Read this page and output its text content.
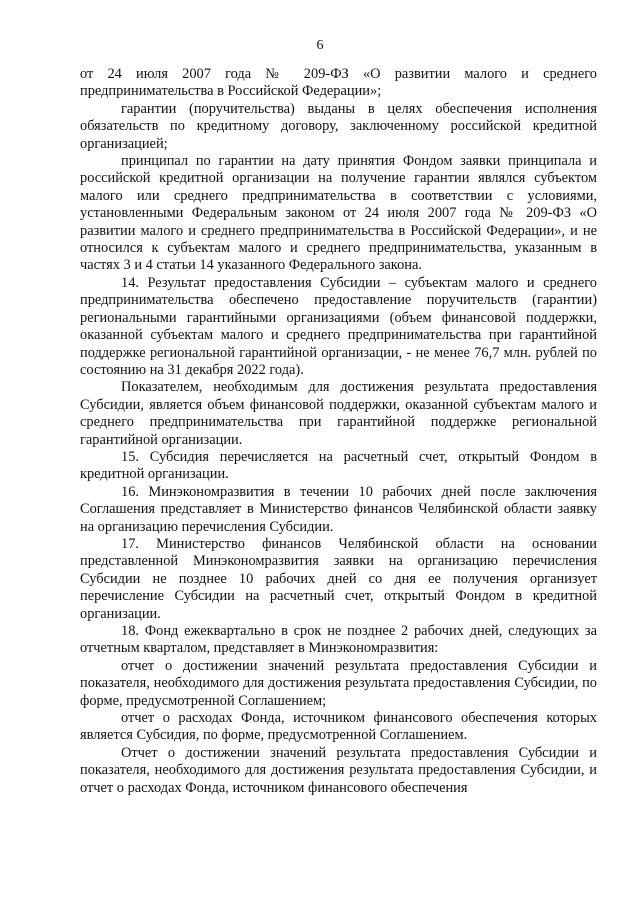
6

от 24 июля 2007 года № 209-ФЗ «О развитии малого и среднего предпринимательства в Российской Федерации»;

гарантии (поручительства) выданы в целях обеспечения исполнения обязательств по кредитному договору, заключенному российской кредитной организацией;

принципал по гарантии на дату принятия Фондом заявки принципала и российской кредитной организации на получение гарантии являлся субъектом малого или среднего предпринимательства в соответствии с условиями, установленными Федеральным законом от 24 июля 2007 года № 209-ФЗ «О развитии малого и среднего предпринимательства в Российской Федерации», и не относился к субъектам малого и среднего предпринимательства, указанным в частях 3 и 4 статьи 14 указанного Федерального закона.

14. Результат предоставления Субсидии – субъектам малого и среднего предпринимательства обеспечено предоставление поручительств (гарантии) региональными гарантийными организациями (объем финансовой поддержки, оказанной субъектам малого и среднего предпринимательства при гарантийной поддержке региональной гарантийной организации, - не менее 76,7 млн. рублей по состоянию на 31 декабря 2022 года).

Показателем, необходимым для достижения результата предоставления Субсидии, является объем финансовой поддержки, оказанной субъектам малого и среднего предпринимательства при гарантийной поддержке региональной гарантийной организации.

15. Субсидия перечисляется на расчетный счет, открытый Фондом в кредитной организации.

16. Минэкономразвития в течении 10 рабочих дней после заключения Соглашения представляет в Министерство финансов Челябинской области заявку на организацию перечисления Субсидии.

17. Министерство финансов Челябинской области на основании представленной Минэкономразвития заявки на организацию перечисления Субсидии не позднее 10 рабочих дней со дня ее получения организует перечисление Субсидии на расчетный счет, открытый Фондом в кредитной организации.

18. Фонд ежеквартально в срок не позднее 2 рабочих дней, следующих за отчетным кварталом, представляет в Минэкономразвития:

отчет о достижении значений результата предоставления Субсидии и показателя, необходимого для достижения результата предоставления Субсидии, по форме, предусмотренной Соглашением;

отчет о расходах Фонда, источником финансового обеспечения которых является Субсидия, по форме, предусмотренной Соглашением.

Отчет о достижении значений результата предоставления Субсидии и показателя, необходимого для достижения результата предоставления Субсидии, и отчет о расходах Фонда, источником финансового обеспечения
